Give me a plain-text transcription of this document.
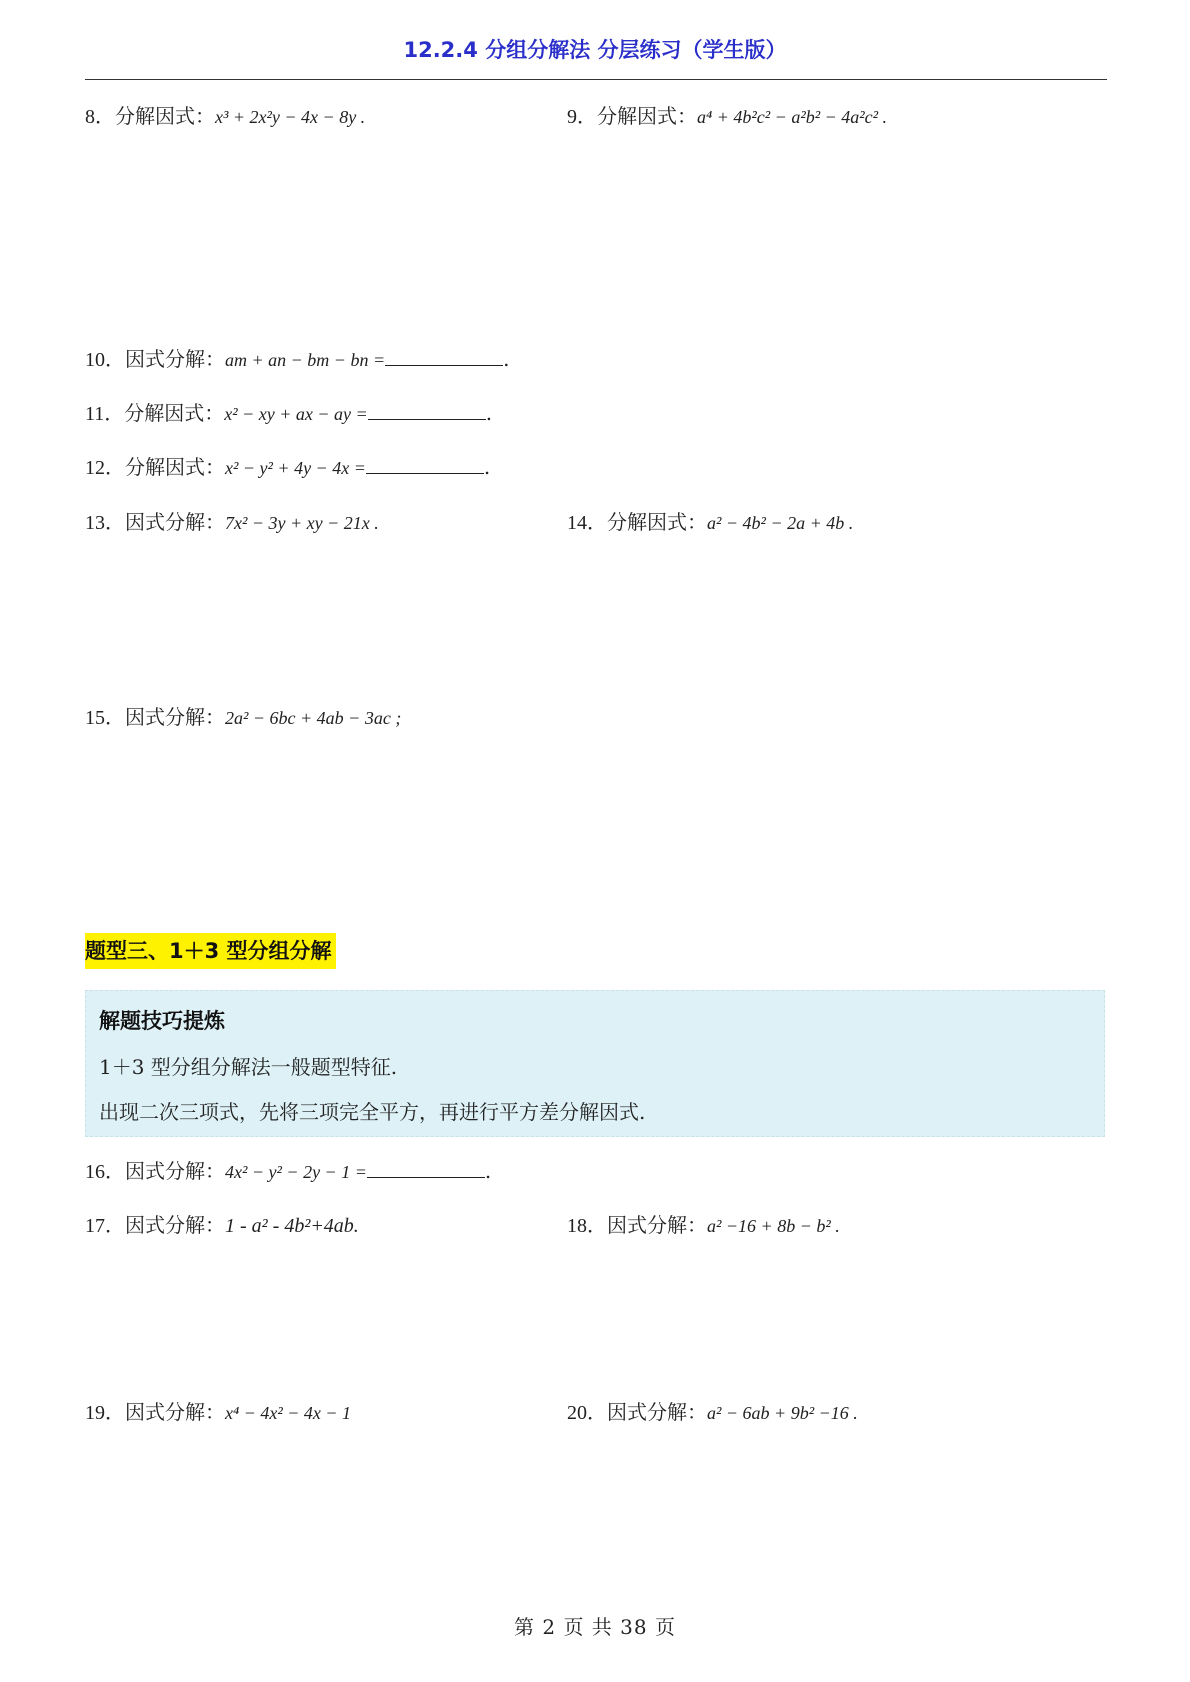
12.2.4 分组分解法 分层练习（学生版）
8．分解因式：x³ + 2x²y − 4x − 8y .	9．分解因式：a⁴ + 4b²c² − a²b² − 4a²c² .
10．因式分解：am + an − bm − bn =	.
11．分解因式：x² − xy + ax − ay =	.
12．分解因式：x² − y² + 4y − 4x =	.
13．因式分解：7x² − 3y + xy − 21x .	14．分解因式：a² − 4b² − 2a + 4b .
15．因式分解：2a² − 6bc + 4ab − 3ac ;
题型三、1＋3 型分组分解
解题技巧提炼
1＋3 型分组分解法一般题型特征.
出现二次三项式，先将三项完全平方，再进行平方差分解因式.
16．因式分解：4x² − y² − 2y − 1 =	.
17．因式分解：1 - a² - 4b²+4ab.	18．因式分解：a² −16 + 8b − b² .
19．因式分解：x⁴ − 4x² − 4x − 1	20．因式分解：a² − 6ab + 9b² −16 .
第 2 页 共 38 页
